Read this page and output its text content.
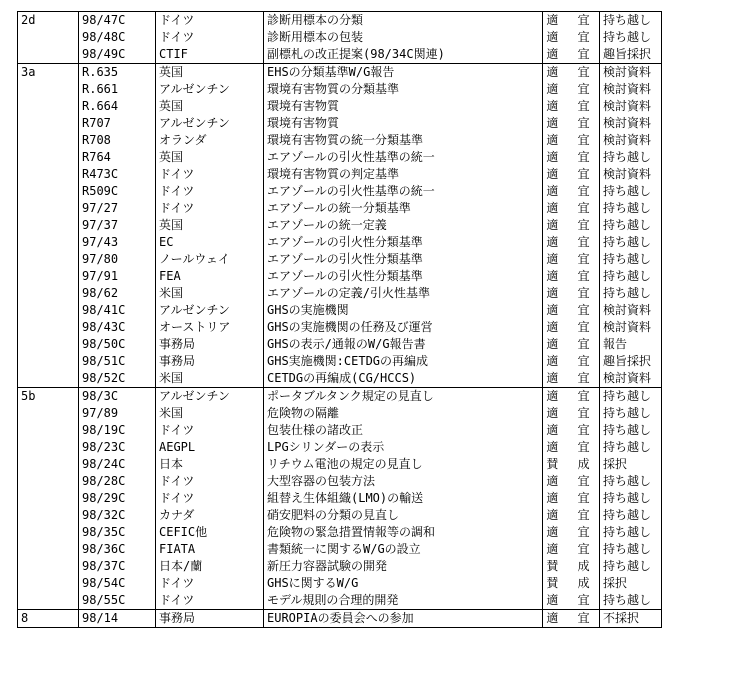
2d	98/47C	ドイツ	診断用標本の分類		適 宜	持ち越し
	98/48C	ドイツ	診断用標本の包装		適 宜	持ち越し
	98/49C	CTIF	副標札の改正提案(98/34C関連)		適 宜	趣旨採択
3a	R.635	英国	EHSの分類基準W/G報告		適 宜	検討資料
	R.661	アルゼンチン	環境有害物質の分類基準		適 宜	検討資料
	R.664	英国	環境有害物質		適 宜	検討資料
	R707	アルゼンチン	環境有害物質		適 宜	検討資料
	R708	オランダ	環境有害物質の統一分類基準		適 宜	検討資料
	R764	英国	エアゾールの引火性基準の統一		適 宜	持ち越し
	R473C	ドイツ	環境有害物質の判定基準		適 宜	検討資料
	R509C	ドイツ	エアゾールの引火性基準の統一		適 宜	持ち越し
	97/27	ドイツ	エアゾールの統一分類基準		適 宜	持ち越し
	97/37	英国	エアゾールの統一定義		適 宜	持ち越し
	97/43	EC	エアゾールの引火性分類基準		適 宜	持ち越し
	97/80	ノールウェイ	エアゾールの引火性分類基準		適 宜	持ち越し
	97/91	FEA	エアゾールの引火性分類基準		適 宜	持ち越し
	98/62	米国	エアゾールの定義/引火性基準		適 宜	持ち越し
	98/41C	アルゼンチン	GHSの実施機関		適 宜	検討資料
	98/43C	オーストリア	GHSの実施機関の任務及び運営		適 宜	検討資料
	98/50C	事務局	GHSの表示/通報のW/G報告書		適 宜	報告
	98/51C	事務局	GHS実施機関:CETDGの再編成		適 宜	趣旨採択
	98/52C	米国	CETDGの再編成(CG/HCCS)		適 宜	検討資料
5b	98/3C	アルゼンチン	ポータブルタンク規定の見直し		適 宜	持ち越し
	97/89	米国	危険物の隔離		適 宜	持ち越し
	98/19C	ドイツ	包装仕様の諸改正		適 宜	持ち越し
	98/23C	AEGPL	LPGシリンダーの表示		適 宜	持ち越し
	98/24C	日本	リチウム電池の規定の見直し		賛 成	採択
	98/28C	ドイツ	大型容器の包装方法		適 宜	持ち越し
	98/29C	ドイツ	組替え生体組織(LMO)の輸送		適 宜	持ち越し
	98/32C	カナダ	硝安肥料の分類の見直し		適 宜	持ち越し
	98/35C	CEFIC他	危険物の緊急措置情報等の調和		適 宜	持ち越し
	98/36C	FIATA	書類統一に関するW/Gの設立		適 宜	持ち越し
	98/37C	日本/蘭	新圧力容器試験の開発		賛 成	持ち越し
	98/54C	ドイツ	GHSに関するW/G		賛 成	採択
	98/55C	ドイツ	モデル規則の合理的開発		適 宜	持ち越し
8	98/14	事務局	EUROPIAの委員会への参加		適 宜	不採択
